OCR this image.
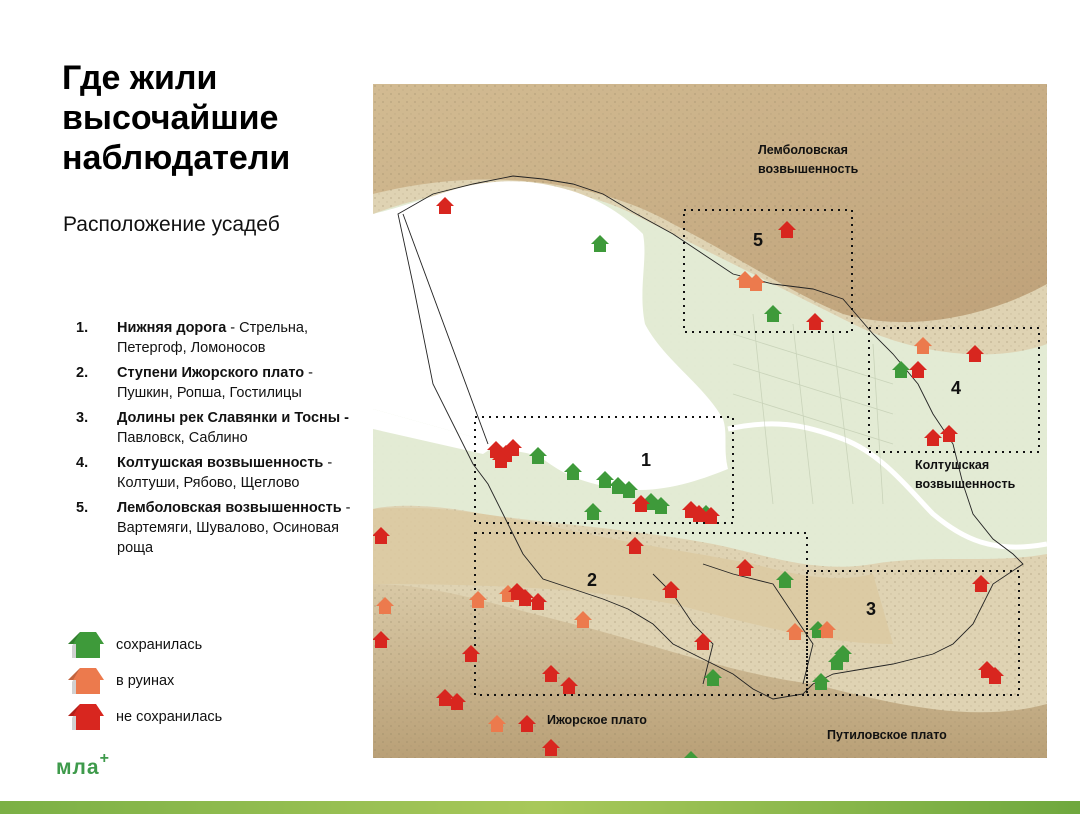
Где жили
высочайшие
наблюдатели
Расположение усадеб
1. Нижняя дорога - Стрельна, Петергоф, Ломоносов
2. Ступени Ижорского плато - Пушкин, Ропша, Гостилицы
3. Долины рек Славянки и Тосны - Павловск, Саблино
4. Колтушская возвышенность - Колтуши, Рябово, Щеглово
5. Лемболовская возвышенность - Вартемяги, Шувалово, Осиновая роща
сохранилась
в руинах
не сохранилась
мла+
1
2
3
4
5
Лемболовская
возвышенность
Колтушская
возвышенность
Ижорское плато
Путиловское плато
